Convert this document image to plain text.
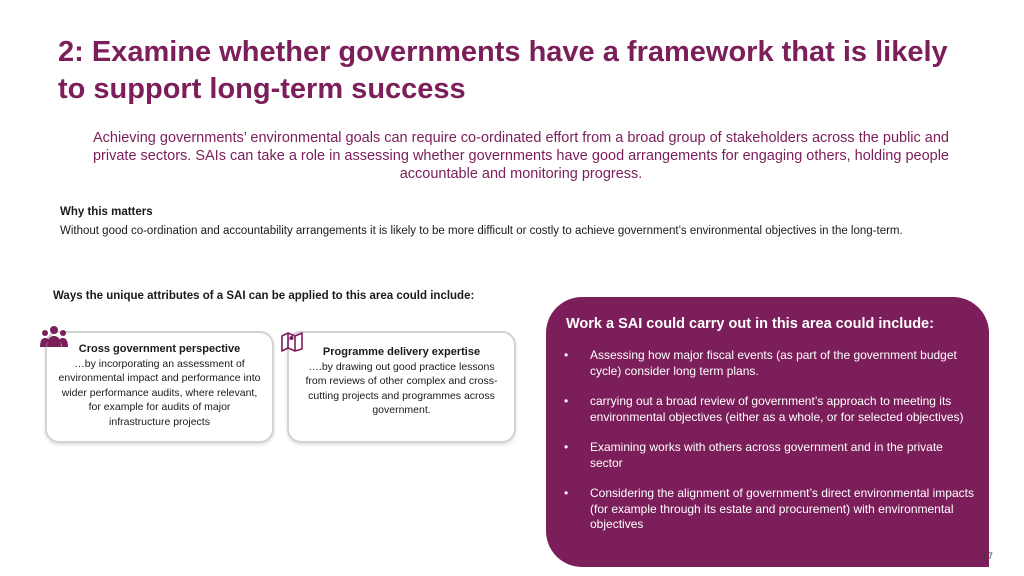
2: Examine whether governments have a framework that is likely to support long-term success
Achieving governments’ environmental goals can require co-ordinated effort from a broad group of stakeholders across the public and private sectors. SAIs can take a role in assessing whether governments have good arrangements for engaging others, holding people accountable and monitoring progress.
Why this matters
Without good co-ordination and accountability arrangements it is likely to be more difficult or costly to achieve government’s environmental objectives in the long-term.
Ways the unique attributes of a SAI can be applied to this area could include:
Cross government perspective
…by incorporating an assessment of environmental impact and performance into wider performance audits, where relevant, for example for audits of major infrastructure projects
Programme delivery expertise
….by drawing out good practice lessons from reviews of other complex and cross-cutting projects and programmes across government.
Work a SAI could carry out in this area could include:
• Assessing how major fiscal events (as part of the government budget cycle) consider long term plans.
• carrying out a broad review of government’s approach to meeting its environmental objectives (either as a whole, or for selected objectives)
• Examining works with others across government and in the private sector
• Considering the alignment of government’s direct environmental impacts (for example through its estate and procurement) with environmental objectives
| 7
